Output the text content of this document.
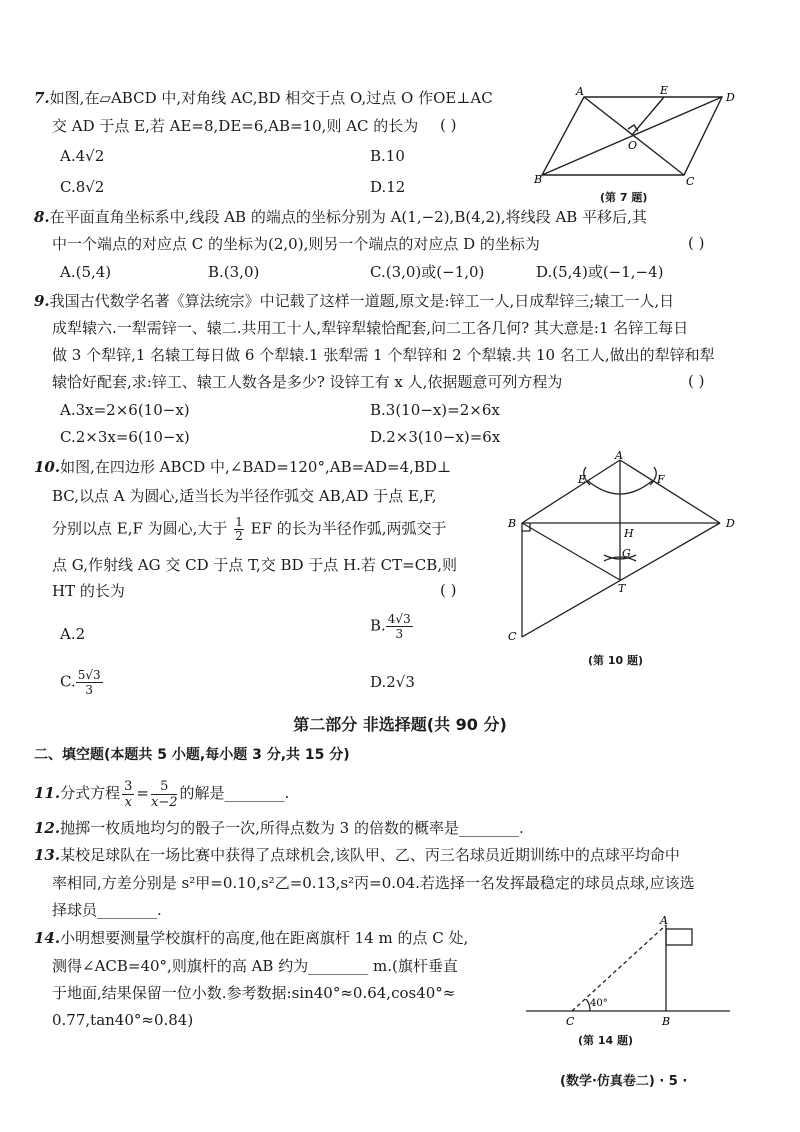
7.如图,在▱ABCD 中,对角线 AC,BD 相交于点 O,过点 O 作OE⊥AC
交 AD 于点 E,若 AE=8,DE=6,AB=10,则 AC 的长为 ( )
A.4√2	B.10
C.8√2	D.12
A	E
D
O
B	C
(第 7 题)
8.在平面直角坐标系中,线段 AB 的端点的坐标分别为 A(1,−2),B(4,2),将线段 AB 平移后,其
中一个端点的对应点 C 的坐标为(2,0),则另一个端点的对应点 D 的坐标为	( )
A.(5,4)	B.(3,0)	C.(3,0)或(−1,0)	D.(5,4)或(−1,−4)
9.我国古代数学名著《算法统宗》中记载了这样一道题,原文是:锌工一人,日成犁锌三;辕工一人,日
成犁辕六.一犁需锌一、辕二.共用工十人,犁锌犁辕恰配套,问二工各几何? 其大意是:1 名锌工每日
做 3 个犁锌,1 名辕工每日做 6 个犁辕.1 张犁需 1 个犁锌和 2 个犁辕.共 10 名工人,做出的犁锌和犁
辕恰好配套,求:锌工、辕工人数各是多少? 设锌工有 x 人,依据题意可列方程为	( )
A.3x=2×6(10−x)	B.3(10−x)=2×6x
C.2×3x=6(10−x)	D.2×3(10−x)=6x
10.如图,在四边形 ABCD 中,∠BAD=120°,AB=AD=4,BD⊥
BC,以点 A 为圆心,适当长为半径作弧交 AB,AD 于点 E,F,
分别以点 E,F 为圆心,大于 $\frac{1}{2}$ EF 的长为半径作弧,两弧交于
点 G,作射线 AG 交 CD 于点 T,交 BD 于点 H.若 CT=CB,则
HT 的长为	( )
A.2	B. $\frac{4√3}{3}$
C. $\frac{5√3}{3}$	D.2√3
A
E	F
B	D
H
G
T
C
(第 10 题)
第二部分 非选择题(共 90 分)
二、填空题(本题共 5 小题,每小题 3 分,共 15 分)
11.分式方程 $\frac{3}{x} = \frac{5}{x-2}$ 的解是________.
12.抛掷一枚质地均匀的骰子一次,所得点数为 3 的倍数的概率是________.
13.某校足球队在一场比赛中获得了点球机会,该队甲、乙、丙三名球员近期训练中的点球平均命中
率相同,方差分别是 s²甲=0.10,s²乙=0.13,s²丙=0.04.若选择一名发挥最稳定的球员点球,应该选
择球员________.
14.小明想要测量学校旗杆的高度,他在距离旗杆 14 m 的点 C 处,
测得∠ACB=40°,则旗杆的高 AB 约为________ m.(旗杆垂直
于地面,结果保留一位小数.参考数据:sin40°≈0.64,cos40°≈
0.77,tan40°≈0.84)
A
C	B
40°
(第 14 题)
(数学·仿真卷二) · 5 ·
